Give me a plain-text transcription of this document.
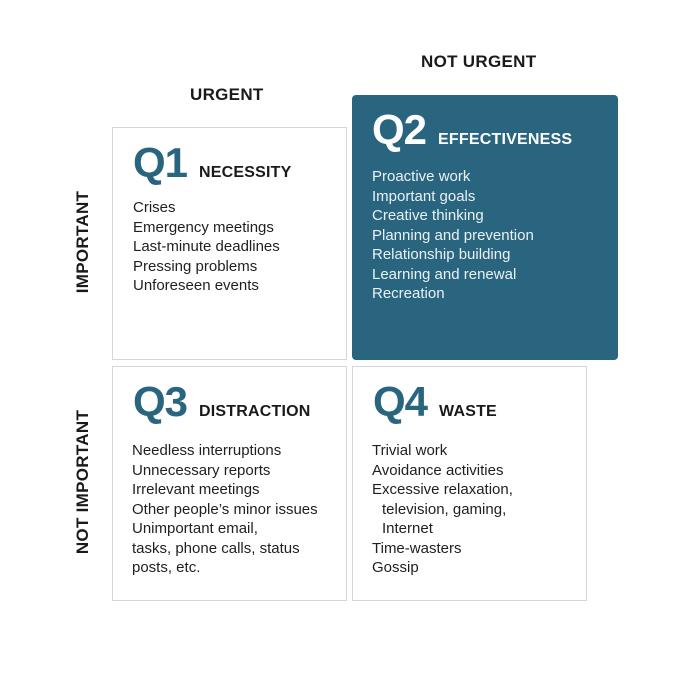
URGENT
NOT URGENT
IMPORTANT
NOT IMPORTANT
Q1 NECESSITY
Crises
Emergency meetings
Last-minute deadlines
Pressing problems
Unforeseen events
Q2 EFFECTIVENESS
Proactive work
Important goals
Creative thinking
Planning and prevention
Relationship building
Learning and renewal
Recreation
Q3 DISTRACTION
Needless interruptions
Unnecessary reports
Irrelevant meetings
Other people’s minor issues
Unimportant email,
tasks, phone calls, status
posts, etc.
Q4 WASTE
Trivial work
Avoidance activities
Excessive relaxation,
television, gaming,
Internet
Time-wasters
Gossip
